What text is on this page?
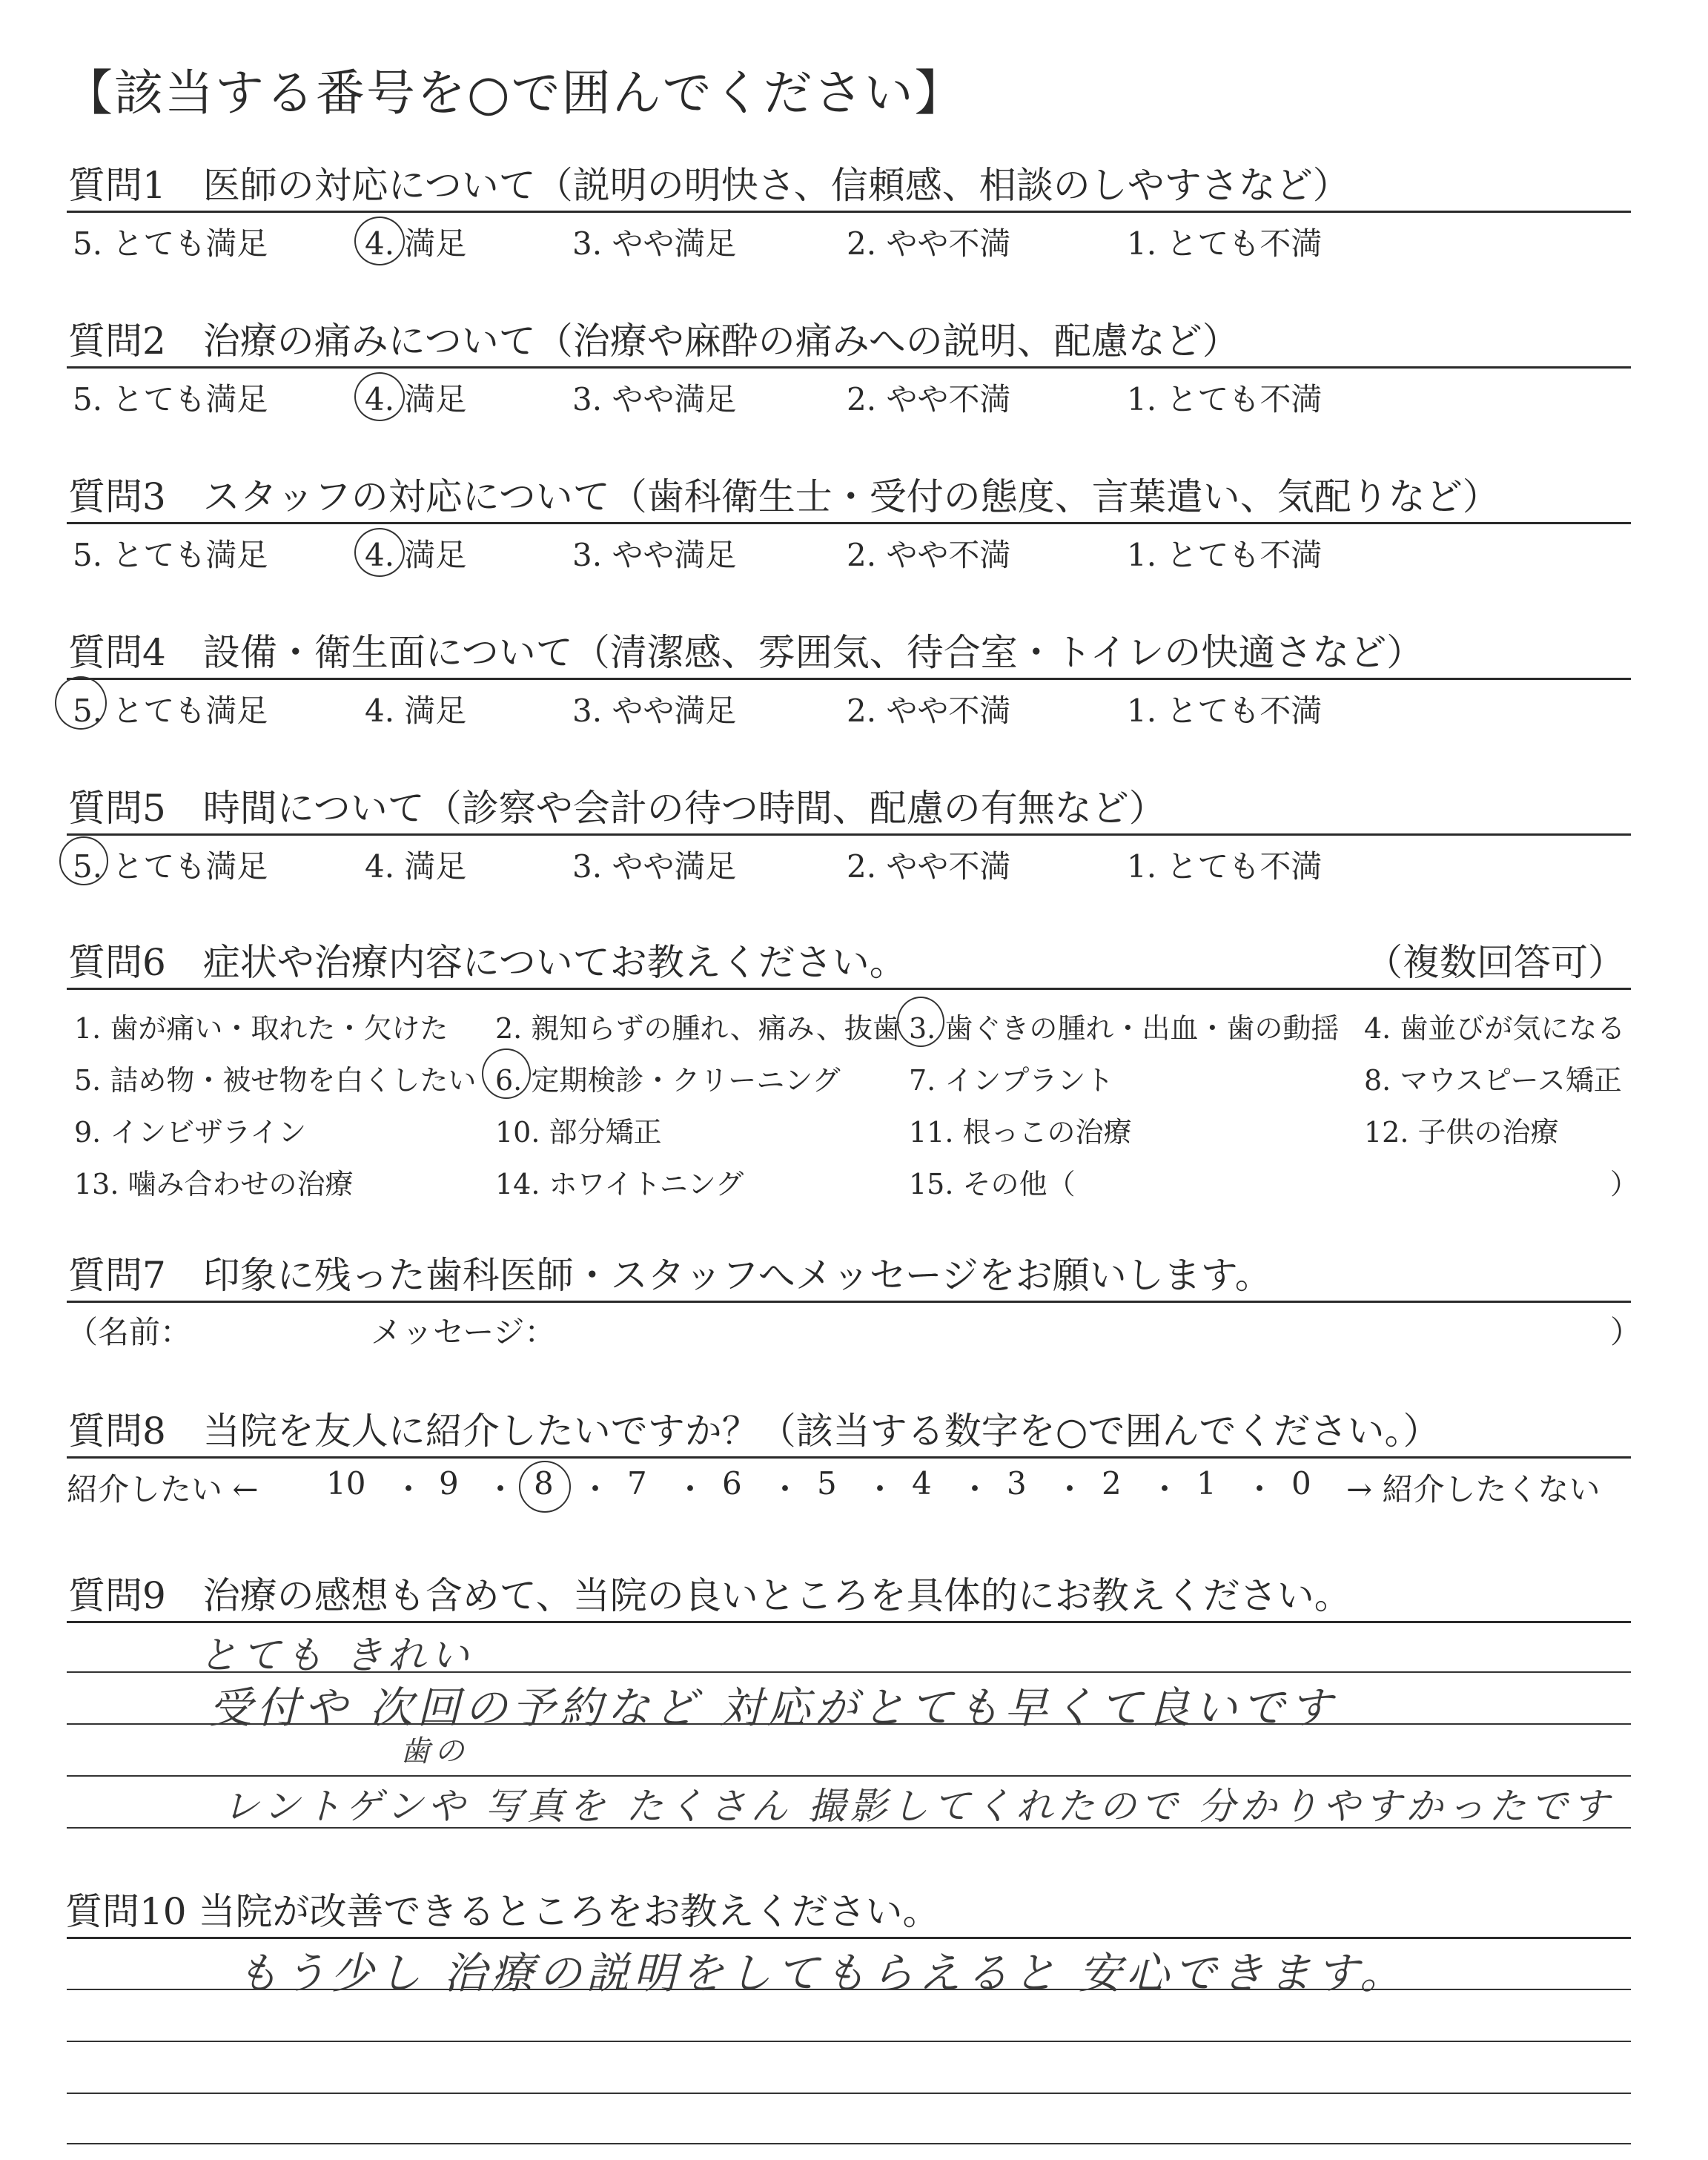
【該当する番号を○で囲んでください】
質問1　医師の対応について（説明の明快さ、信頼感、相談のしやすさなど）
5. とても満足	4. 満足	3. やや満足	2. やや不満	1. とても不満
質問2　治療の痛みについて（治療や麻酔の痛みへの説明、配慮など）
5. とても満足	4. 満足	3. やや満足	2. やや不満	1. とても不満
質問3　スタッフの対応について（歯科衛生士・受付の態度、言葉遣い、気配りなど）
5. とても満足	4. 満足	3. やや満足	2. やや不満	1. とても不満
質問4　設備・衛生面について（清潔感、雰囲気、待合室・トイレの快適さなど）
5. とても満足	4. 満足	3. やや満足	2. やや不満	1. とても不満
質問5　時間について（診察や会計の待つ時間、配慮の有無など）
5. とても満足	4. 満足	3. やや満足	2. やや不満	1. とても不満
質問6　症状や治療内容についてお教えください。	（複数回答可）
1. 歯が痛い・取れた・欠けた 2. 親知らずの腫れ、痛み、抜歯 3. 歯ぐきの腫れ・出血・歯の動揺 4. 歯並びが気になる
5. 詰め物・被せ物を白くしたい 6. 定期検診・クリーニング 7. インプラント	8. マウスピース矯正
9. インビザライン	10. 部分矯正	11. 根っこの治療	12. 子供の治療
13. 噛み合わせの治療	14. ホワイトニング	15. その他（	）
質問7　印象に残った歯科医師・スタッフへメッセージをお願いします。
（名前：	メッセージ：	）
質問8　当院を友人に紹介したいですか？（該当する数字を○で囲んでください。）
紹介したい ← 10 ・ 9 ・ 8 ・ 7 ・ 6 ・ 5 ・ 4 ・ 3 ・ 2 ・ 1 ・ 0 → 紹介したくない
質問9　治療の感想も含めて、当院の良いところを具体的にお教えください。
とても きれい
受付や 次回の予約など 対応がとても早くて良いです
歯の
レントゲンや 写真を たくさん 撮影してくれたので 分かりやすかったです
質問10 当院が改善できるところをお教えください。
もう少し 治療の説明をしてもらえると 安心できます。
